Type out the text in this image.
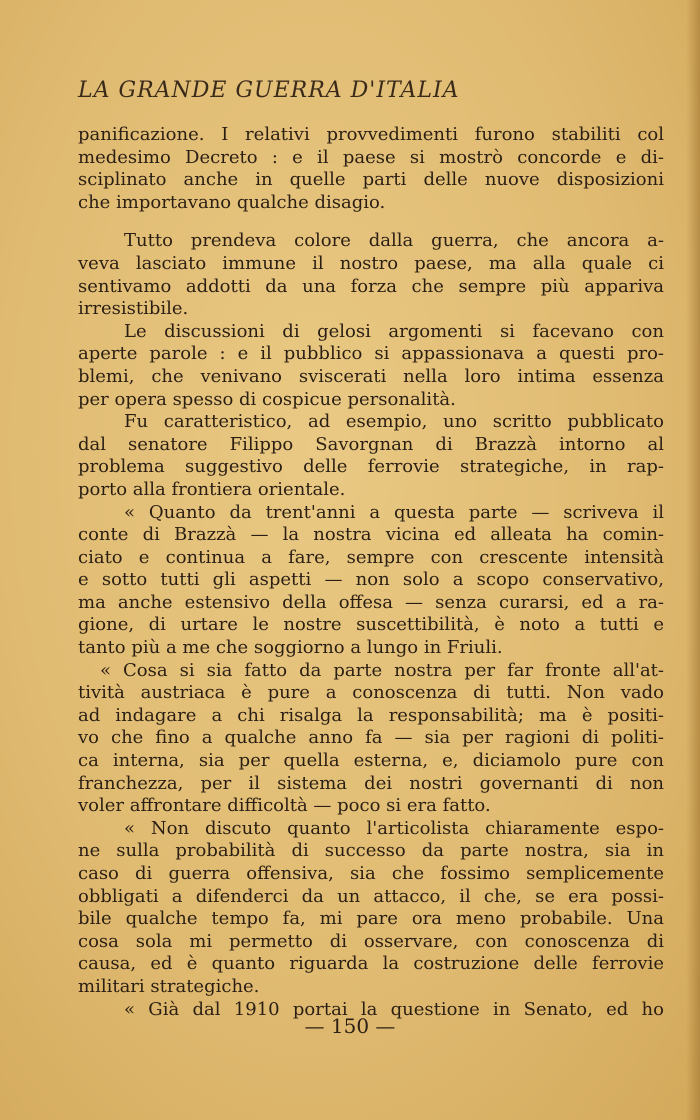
LA GRANDE GUERRA D'ITALIA
panificazione. I relativi provvedimenti furono stabiliti col
medesimo Decreto : e il paese si mostrò concorde e di-
sciplinato anche in quelle parti delle nuove disposizioni
che importavano qualche disagio.
Tutto prendeva colore dalla guerra, che ancora a-
veva lasciato immune il nostro paese, ma alla quale ci
sentivamo addotti da una forza che sempre più appariva
irresistibile.
Le discussioni di gelosi argomenti si facevano con
aperte parole : e il pubblico si appassionava a questi pro-
blemi, che venivano sviscerati nella loro intima essenza
per opera spesso di cospicue personalità.
Fu caratteristico, ad esempio, uno scritto pubblicato
dal senatore Filippo Savorgnan di Brazzà intorno al
problema suggestivo delle ferrovie strategiche, in rap-
porto alla frontiera orientale.
« Quanto da trent'anni a questa parte — scriveva il
conte di Brazzà — la nostra vicina ed alleata ha comin-
ciato e continua a fare, sempre con crescente intensità
e sotto tutti gli aspetti — non solo a scopo conservativo,
ma anche estensivo della offesa — senza curarsi, ed a ra-
gione, di urtare le nostre suscettibilità, è noto a tutti e
tanto più a me che soggiorno a lungo in Friuli.
« Cosa si sia fatto da parte nostra per far fronte all'at-
tività austriaca è pure a conoscenza di tutti. Non vado
ad indagare a chi risalga la responsabilità; ma è positi-
vo che fino a qualche anno fa — sia per ragioni di politi-
ca interna, sia per quella esterna, e, diciamolo pure con
franchezza, per il sistema dei nostri governanti di non
voler affrontare difficoltà — poco si era fatto.
« Non discuto quanto l'articolista chiaramente espo-
ne sulla probabilità di successo da parte nostra, sia in
caso di guerra offensiva, sia che fossimo semplicemente
obbligati a difenderci da un attacco, il che, se era possi-
bile qualche tempo fa, mi pare ora meno probabile. Una
cosa sola mi permetto di osservare, con conoscenza di
causa, ed è quanto riguarda la costruzione delle ferrovie
militari strategiche.
« Già dal 1910 portai la questione in Senato, ed ho
— 150 —
